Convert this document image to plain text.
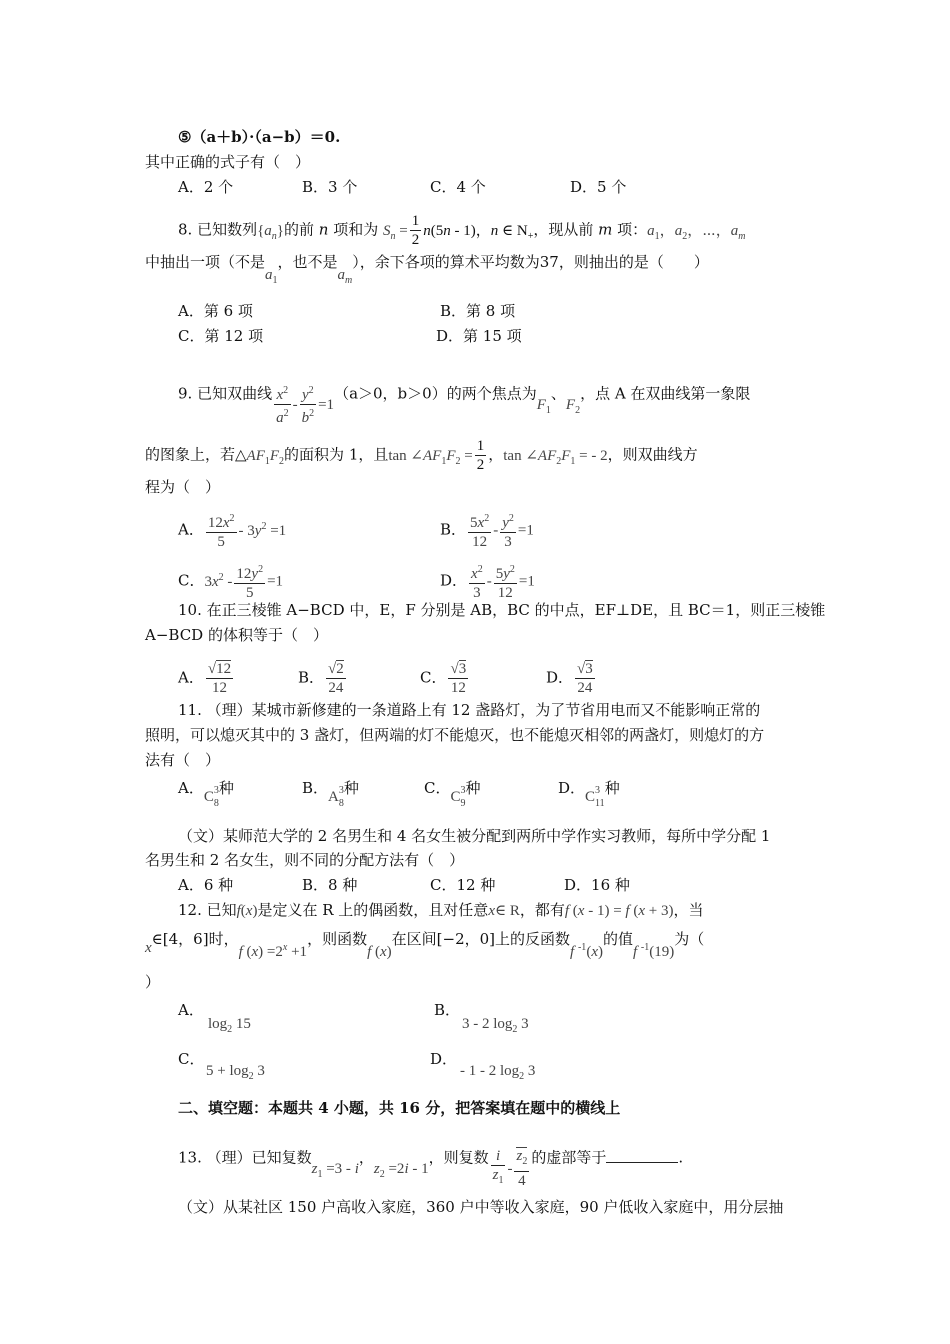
⑤（a＋b）·（a−b）＝0.
其中正确的式子有（　）
A．2 个	B．3 个	C．4 个	D．5 个
8. 已知数列$\{a_n\}$的前 n 项和为 $S_n = \frac{1}{2} n(5n - 1)$，n ∈ $N_+$，现从前 m 项：$a_1$，$a_2$，⋯，$a_m$
中抽出一项（不是$a_1$，也不是$a_m$），余下各项的算术平均数为37，则抽出的是（　　）
A．第 6 项	B．第 8 项
C．第 12 项	D．第 15 项
9. 已知双曲线 $\frac{x^2}{a^2} - \frac{y^2}{b^2} =1(a>0$，b＞0）的两个焦点为$F_1$、$F_2$，点 A 在双曲线第一象限
的图象上，若$\triangle AF_1F_2$的面积为 1，且$\tan \angle AF_1F_2 = \frac{1}{2}$ ，$\tan \angle AF_2F_1$ = - 2，则双曲线方
程为（　）
A． $\frac{12x^2}{5} - 3y^2 =1$	B． $\frac{5x^2}{12} - \frac{y^2}{3} =1$
C．$3x^2 - \frac{12y^2}{5} =1$	D． $\frac{x^2}{3} - \frac{5y^2}{12} =1$
10. 在正三棱锥 A−BCD 中，E，F 分别是 AB，BC 的中点，EF⊥DE，且 BC＝1，则正三棱锥
A−BCD 的体积等于（　）
A． $\frac{√12}{12}$	B． $\frac{√2}{24}$	C． $\frac{√3}{12}$	D． $\frac{√3}{24}$
11. （理）某城市新修建的一条道路上有 12 盏路灯，为了节省用电而又不能影响正常的
照明，可以熄灭其中的 3 盏灯，但两端的灯不能熄灭，也不能熄灭相邻的两盏灯，则熄灯的方
法有（　）
A．C 3
$_8$种	B．A 3
$_8$种	C．C 3
$_9$种	D．C 3
$_{11}$种
（文）某师范大学的 2 名男生和 4 名女生被分配到两所中学作实习教师，每所中学分配 1
名男生和 2 名女生，则不同的分配方法有（　）
A．6 种	B．8 种	C．12 种	D．16 种
12. 已知f(x)是定义在 R 上的偶函数，且对任意x∈ R，都有f (x - 1) = f (x + 3)，当
x∈[4，6]时，f $(x) =2^x +1$，则函数f (x)在区间[−2，0]上的反函数f $^{-1}$(x)的值f $^{-1}$(19)为（
）
A．
$\log_2 15$
B．
3 - 2 $\log_2 3$
C．
$5 + \log_2 3$
D．
- 1 - 2 $\log_2 3$
二、填空题：本题共 4 小题，共 16 分，把答案填在题中的横线上
13. （理）已知复数$z_1 =3 - i$，$z_2 =2i - 1$，则复数 $\frac{i}{z_1} - \frac{z_2}{4}$ 的虚部等于	.
（文）从某社区 150 户高收入家庭，360 户中等收入家庭，90 户低收入家庭中，用分层抽
